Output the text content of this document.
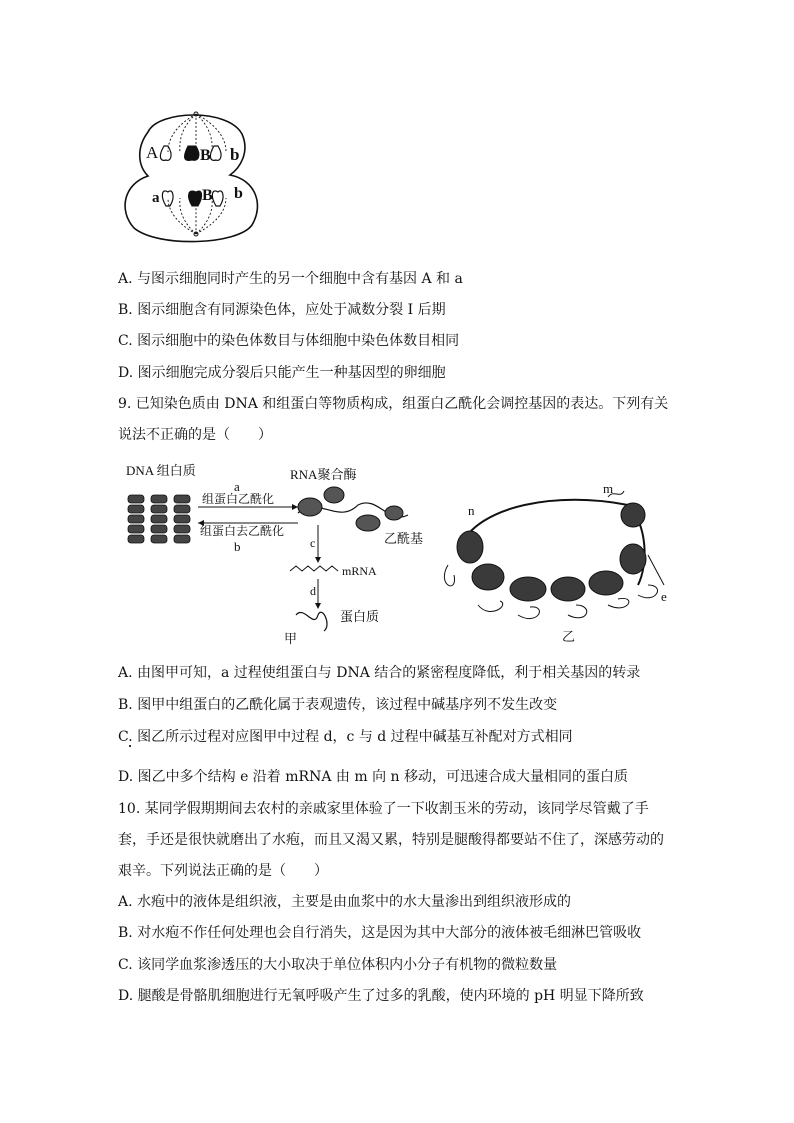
A	B b
a	B b
A. 与图示细胞同时产生的另一个细胞中含有基因 A 和 a
B. 图示细胞含有同源染色体，应处于减数分裂 I 后期
C. 图示细胞中的染色体数目与体细胞中染色体数目相同
D. 图示细胞完成分裂后只能产生一种基因型的卵细胞
9. 已知染色质由 DNA 和组蛋白等物质构成，组蛋白乙酰化会调控基因的表达。下列有关
说法不正确的是（　　）
DNA 组白质
a
组蛋白乙酰化
组蛋白去乙酰化
b
RNA聚合酶
乙酰基
c
mRNA
d
蛋白质
甲
n
m
e
乙
A. 由图甲可知，a 过程使组蛋白与 DNA 结合的紧密程度降低，利于相关基因的转录
B. 图甲中组蛋白的乙酰化属于表观遗传，该过程中碱基序列不发生改变
C. 图乙所示过程对应图甲中过程 d，c 与 d 过程中碱基互补配对方式相同
D. 图乙中多个结构 e 沿着 mRNA 由 m 向 n 移动，可迅速合成大量相同的蛋白质
10. 某同学假期期间去农村的亲戚家里体验了一下收割玉米的劳动，该同学尽管戴了手
套，手还是很快就磨出了水疱，而且又渴又累，特别是腿酸得都要站不住了，深感劳动的
艰辛。下列说法正确的是（　　）
A. 水疱中的液体是组织液，主要是由血浆中的水大量渗出到组织液形成的
B. 对水疱不作任何处理也会自行消失，这是因为其中大部分的液体被毛细淋巴管吸收
C. 该同学血浆渗透压的大小取决于单位体积内小分子有机物的微粒数量
D. 腿酸是骨骼肌细胞进行无氧呼吸产生了过多的乳酸，使内环境的 pH 明显下降所致
